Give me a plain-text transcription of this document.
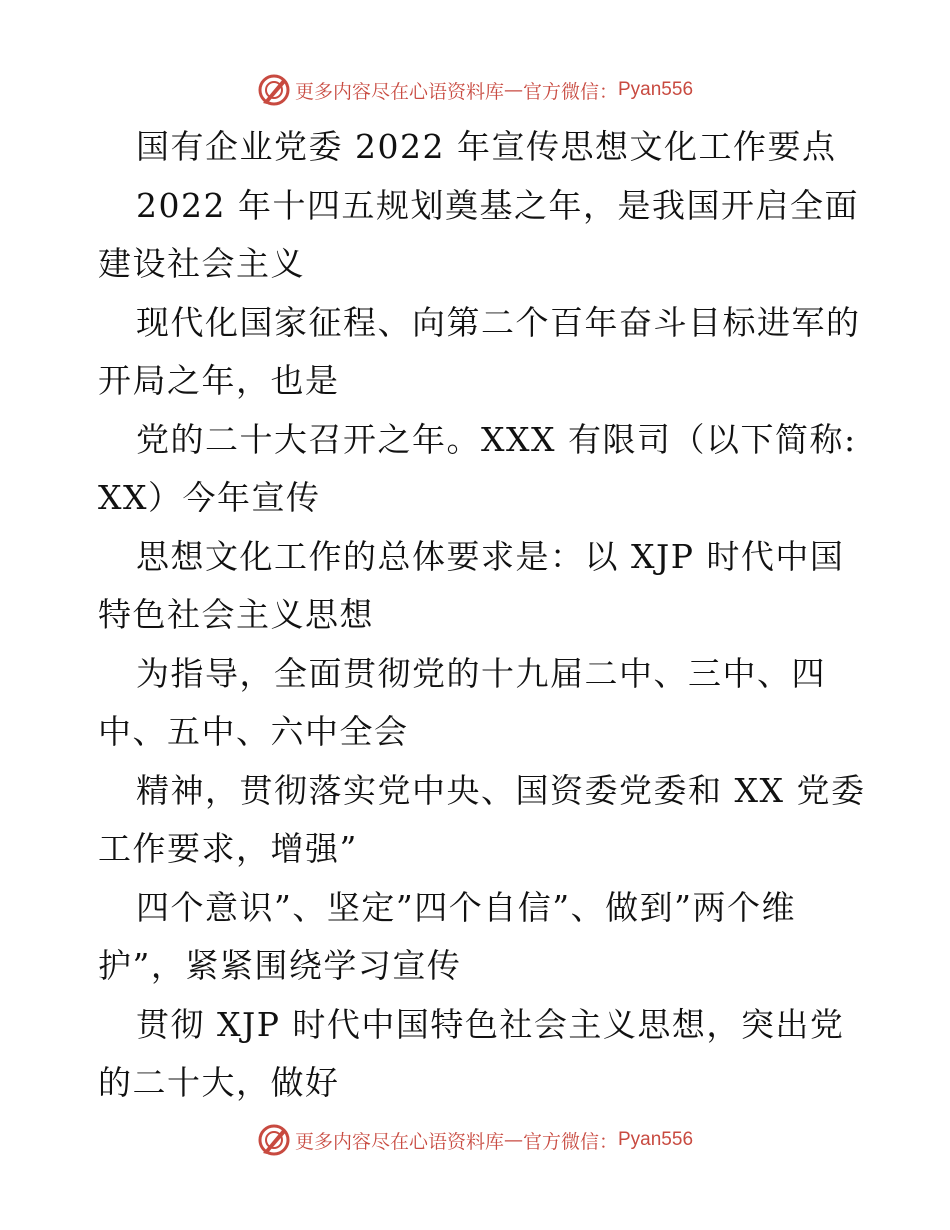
更多内容尽在心语资料库 — 官方微信： Pyan556
国有企业党委 2022 年宣传思想文化工作要点
2022 年十四五规划奠基之年，是我国开启全面
建设社会主义
现代化国家征程、向第二个百年奋斗目标进军的
开局之年，也是
党的二十大召开之年。XXX 有限司（以下简称:
XX）今年宣传
思想文化工作的总体要求是：以 XJP 时代中国
特色社会主义思想
为指导，全面贯彻党的十九届二中、三中、四
中、五中、六中全会
精神，贯彻落实党中央、国资委党委和 XX 党委
工作要求，增强”
四个意识”、坚定”四个自信”、做到”两个维
护”，紧紧围绕学习宣传
贯彻 XJP 时代中国特色社会主义思想，突出党
的二十大，做好
更多内容尽在心语资料库 — 官方微信： Pyan556
